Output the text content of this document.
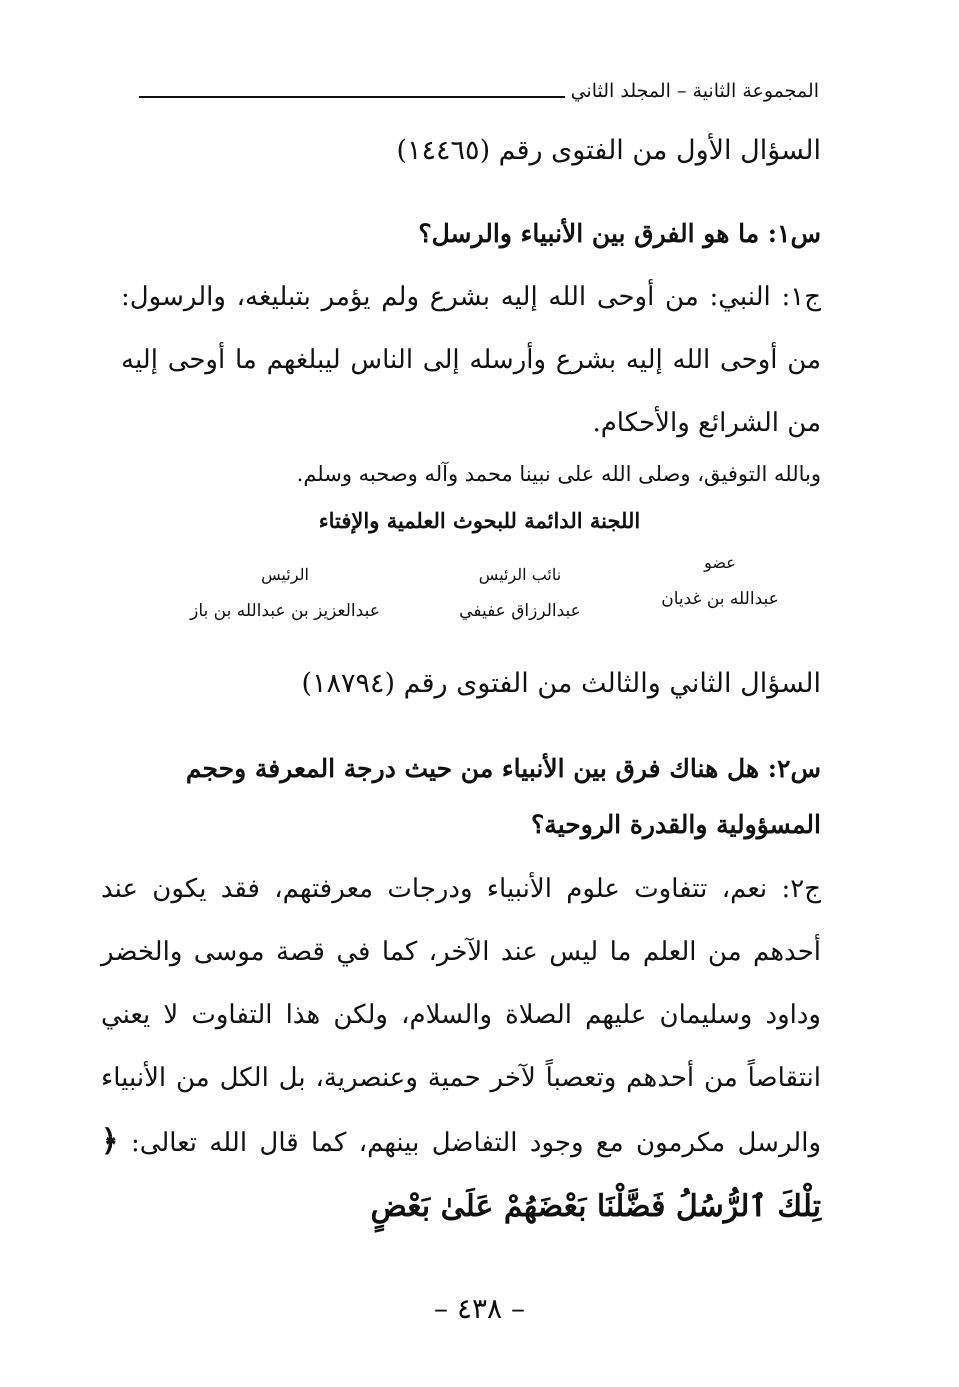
المجموعة الثانية – المجلد الثاني
السؤال الأول من الفتوى رقم (١٤٤٦٥)
س١: ما هو الفرق بين الأنبياء والرسل؟
ج١: النبي: من أوحى الله إليه بشرع ولم يؤمر بتبليغه، والرسول: من أوحى الله إليه بشرع وأرسله إلى الناس ليبلغهم ما أوحى إليه من الشرائع والأحكام.
وبالله التوفيق، وصلى الله على نبينا محمد وآله وصحبه وسلم.
اللجنة الدائمة للبحوث العلمية والإفتاء
الرئيس
عبدالعزيز بن عبدالله بن باز
نائب الرئيس
عبدالرزاق عفيفي
عضو
عبدالله بن غديان
السؤال الثاني والثالث من الفتوى رقم (١٨٧٩٤)
س٢: هل هناك فرق بين الأنبياء من حيث درجة المعرفة وحجم المسؤولية والقدرة الروحية؟
ج٢: نعم، تتفاوت علوم الأنبياء ودرجات معرفتهم، فقد يكون عند أحدهم من العلم ما ليس عند الآخر، كما في قصة موسى والخضر وداود وسليمان عليهم الصلاة والسلام، ولكن هذا التفاوت لا يعني انتقاصاً من أحدهم وتعصباً لآخر حمية وعنصرية، بل الكل من الأنبياء والرسل مكرمون مع وجود التفاضل بينهم، كما قال الله تعالى: ﴿ تِلْكَ ٱلرُّسُلُ فَضَّلْنَا بَعْضَهُمْ عَلَىٰ بَعْضٍ
– ٤٣٨ –
